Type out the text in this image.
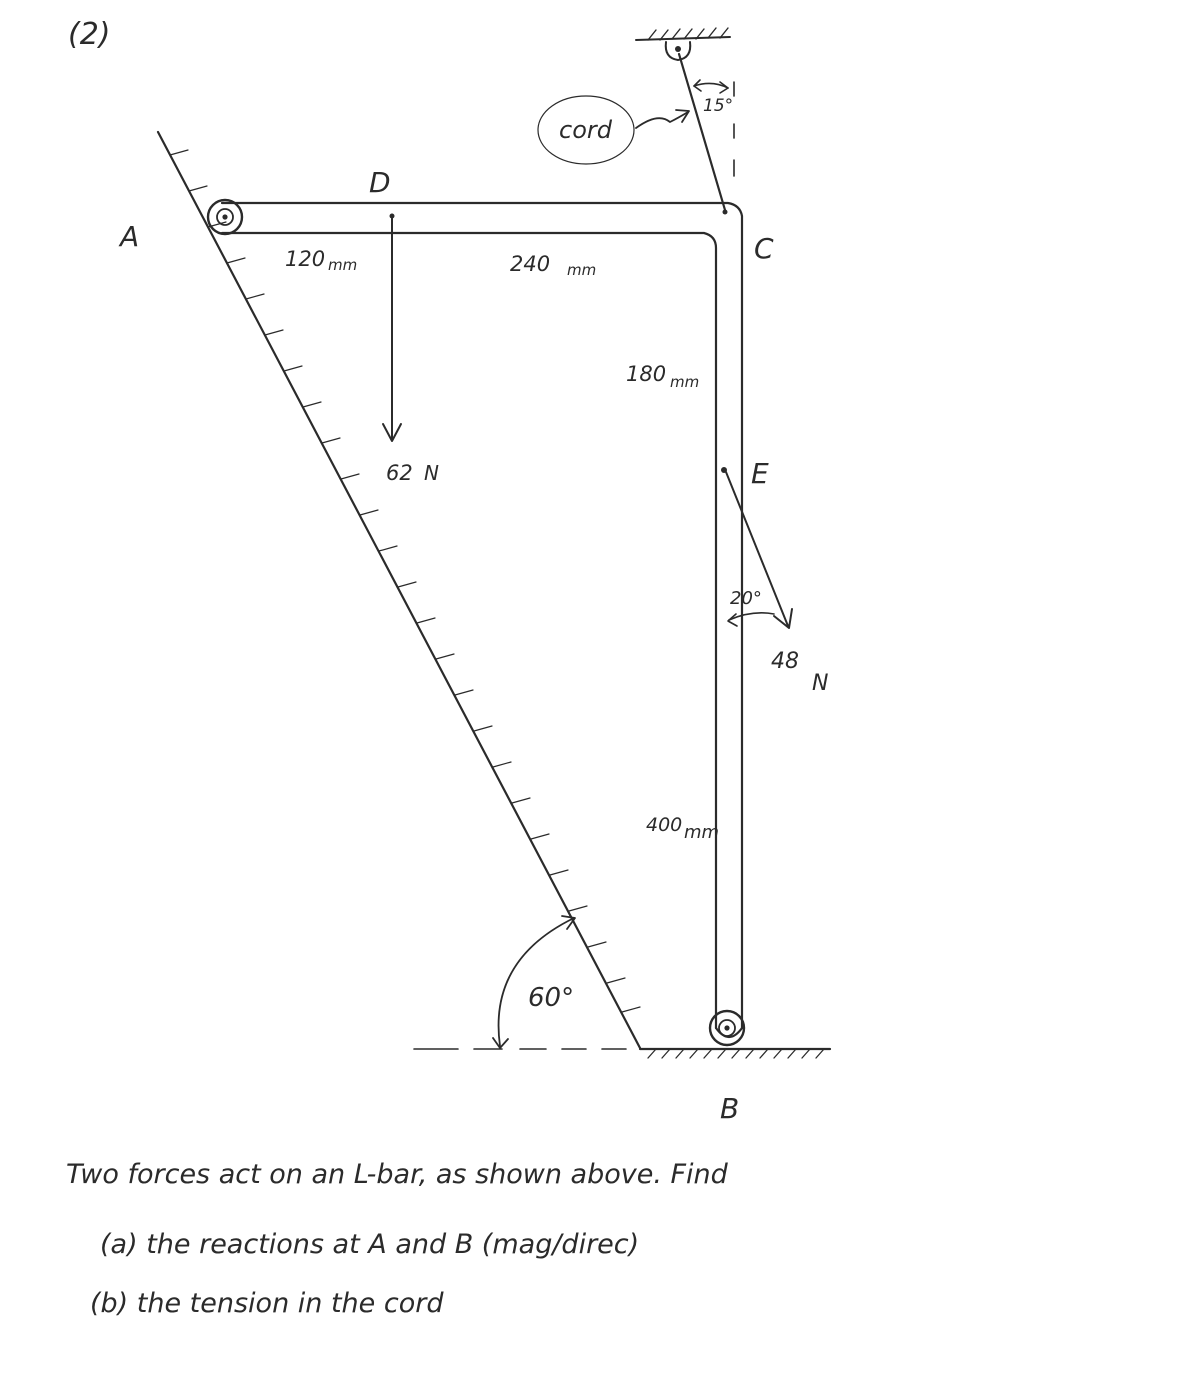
(2)
15°
cord
60°
62 N
20°
48
N
A
D
C
E
B
120 mm	240 mm
180 mm
400 mm
Two forces act on an L-bar, as shown above. Find
(a) the reactions at A and B (mag/direc)
(b) the tension in the cord
